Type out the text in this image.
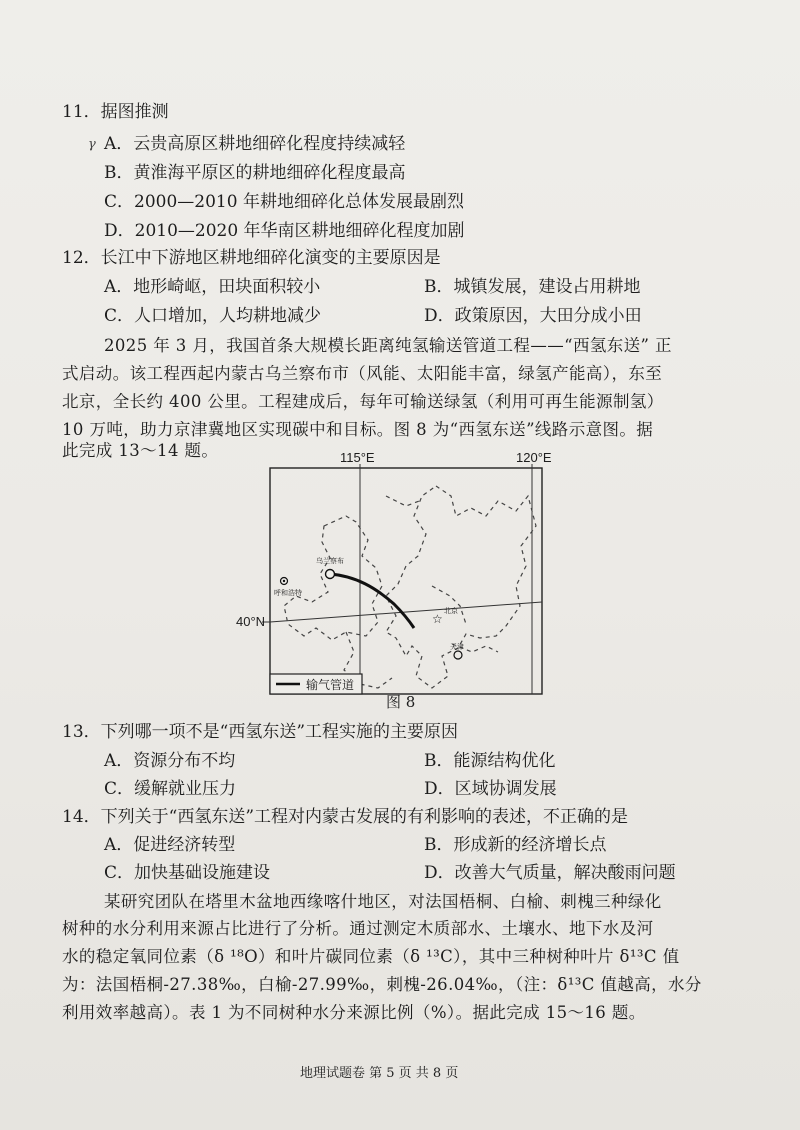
11．据图推测
γ A．云贵高原区耕地细碎化程度持续减轻
B．黄淮海平原区的耕地细碎化程度最高
C．2000—2010 年耕地细碎化总体发展最剧烈
D．2010—2020 年华南区耕地细碎化程度加剧
12．长江中下游地区耕地细碎化演变的主要原因是
A．地形崎岖，田块面积较小	B．城镇发展，建设占用耕地
C．人口增加，人均耕地减少	D．政策原因，大田分成小田
2025 年 3 月，我国首条大规模长距离纯氢输送管道工程——“西氢东送” 正
式启动。该工程西起内蒙古乌兰察布市（风能、太阳能丰富，绿氢产能高），东至
北京，全长约 400 公里。工程建成后，每年可输送绿氢（利用可再生能源制氢）
10 万吨，助力京津冀地区实现碳中和目标。图 8 为“西氢东送”线路示意图。据
此完成 13～14 题。
☆
115°E	120°E
40°N
乌兰察布
呼和浩特
北京
天津
输气管道
图 8
13．下列哪一项不是“西氢东送”工程实施的主要原因
A．资源分布不均	B．能源结构优化
C．缓解就业压力	D．区域协调发展
14．下列关于“西氢东送”工程对内蒙古发展的有利影响的表述，不正确的是
A．促进经济转型	B．形成新的经济增长点
C．加快基础设施建设	D．改善大气质量，解决酸雨问题
某研究团队在塔里木盆地西缘喀什地区，对法国梧桐、白榆、刺槐三种绿化
树种的水分利用来源占比进行了分析。通过测定木质部水、土壤水、地下水及河
水的稳定氧同位素（δ ¹⁸O）和叶片碳同位素（δ ¹³C），其中三种树种叶片 δ¹³C 值
为：法国梧桐-27.38‰，白榆-27.99‰，刺槐-26.04‰，（注：δ¹³C 值越高，水分
利用效率越高）。表 1 为不同树种水分来源比例（%）。据此完成 15～16 题。
地理试题卷 第 5 页 共 8 页
